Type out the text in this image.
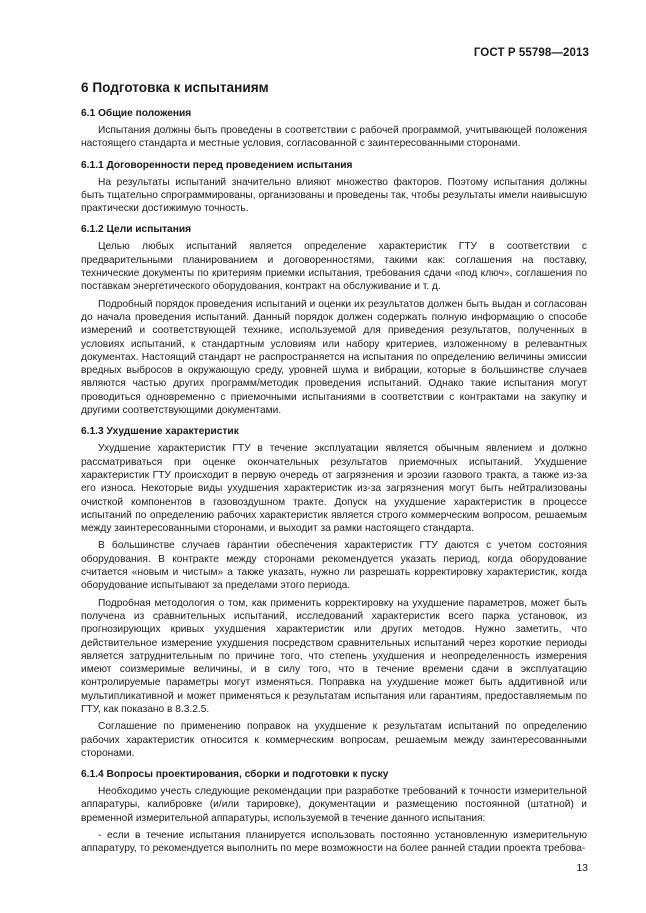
ГОСТ Р 55798—2013
6 Подготовка к испытаниям
6.1 Общие положения

Испытания должны быть проведены в соответствии с рабочей программой, учитывающей положения настоящего стандарта и местные условия, согласованной с заинтересованными сторонами.

6.1.1 Договоренности перед проведением испытания

На результаты испытаний значительно влияют множество факторов. Поэтому испытания должны быть тщательно спрограммированы, организованы и проведены так, чтобы результаты имели наивысшую практически достижимую точность.

6.1.2 Цели испытания

Целью любых испытаний является определение характеристик ГТУ в соответствии с предварительными планированием и договоренностями, такими как: соглашения на поставку, технические документы по критериям приемки испытания, требования сдачи «под ключ», соглашения по поставкам энергетического оборудования, контракт на обслуживание и т. д.

Подробный порядок проведения испытаний и оценки их результатов должен быть выдан и согласован до начала проведения испытаний. Данный порядок должен содержать полную информацию о способе измерений и соответствующей технике, используемой для приведения результатов, полученных в условиях испытаний, к стандартным условиям или набору критериев, изложенному в релевантных документах. Настоящий стандарт не распространяется на испытания по определению величины эмиссии вредных выбросов в окружающую среду, уровней шума и вибрации, которые в большинстве случаев являются частью других программ/методик проведения испытаний. Однако такие испытания могут проводиться одновременно с приемочными испытаниями в соответствии с контрактами на закупку и другими соответствующими документами.

6.1.3 Ухудшение характеристик

Ухудшение характеристик ГТУ в течение эксплуатации является обычным явлением и должно рассматриваться при оценке окончательных результатов приемочных испытаний. Ухудшение характеристик ГТУ происходит в первую очередь от загрязнения и эрозии газового тракта, а также из-за его износа. Некоторые виды ухудшения характеристик из-за загрязнения могут быть нейтрализованы очисткой компонентов в газовоздушном тракте. Допуск на ухудшение характеристик в процессе испытаний по определению рабочих характеристик является строго коммерческим вопросом, решаемым между заинтересованными сторонами, и выходит за рамки настоящего стандарта.

В большинстве случаев гарантии обеспечения характеристик ГТУ даются с учетом состояния оборудования. В контракте между сторонами рекомендуется указать период, когда оборудование считается «новым и чистым» а также указать, нужно ли разрешать корректировку характеристик, когда оборудование испытывают за пределами этого периода.

Подробная методология о том, как применить корректировку на ухудшение параметров, может быть получена из сравнительных испытаний, исследований характеристик всего парка установок, из прогнозирующих кривых ухудшения характеристик или других методов. Нужно заметить, что действительное измерение ухудшения посредством сравнительных испытаний через короткие периоды является затруднительным по причине того, что степень ухудшения и неопределенность измерения имеют соизмеримые величины, и в силу того, что в течение времени сдачи в эксплуатацию контролируемые параметры могут изменяться. Поправка на ухудшение может быть аддитивной или мультипликативной и может применяться к результатам испытания или гарантиям, предоставляемым по ГТУ, как показано в 8.3.2.5.

Соглашение по применению поправок на ухудшение к результатам испытаний по определению рабочих характеристик относится к коммерческим вопросам, решаемым между заинтересованными сторонами.

6.1.4 Вопросы проектирования, сборки и подготовки к пуску

Необходимо учесть следующие рекомендации при разработке требований к точности измерительной аппаратуры, калибровке (и/или тарировке), документации и размещению постоянной (штатной) и временной измерительной аппаратуры, используемой в течение данного испытания:

- если в течение испытания планируется использовать постоянно установленную измерительную аппаратуру, то рекомендуется выполнить по мере возможности на более ранней стадии проекта требова-

13
